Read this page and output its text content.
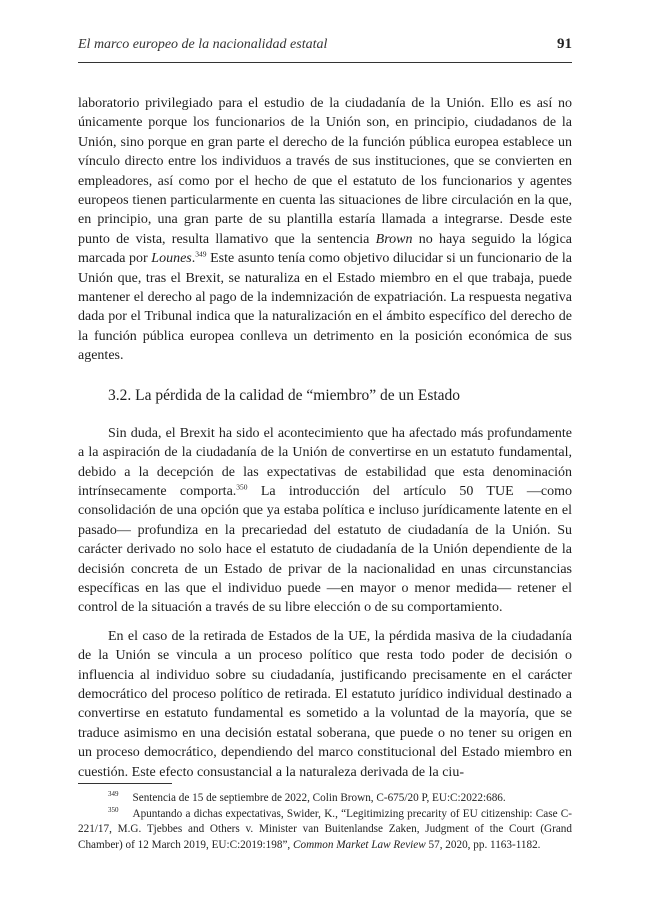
El marco europeo de la nacionalidad estatal	91

laboratorio privilegiado para el estudio de la ciudadanía de la Unión. Ello es así no únicamente porque los funcionarios de la Unión son, en principio, ciudadanos de la Unión, sino porque en gran parte el derecho de la función pública europea establece un vínculo directo entre los individuos a través de sus instituciones, que se convierten en empleadores, así como por el hecho de que el estatuto de los funcionarios y agentes europeos tienen particularmente en cuenta las situaciones de libre circulación en la que, en principio, una gran parte de su plantilla estaría llamada a integrarse. Desde este punto de vista, resulta llamativo que la sentencia Brown no haya seguido la lógica marcada por Lounes.$^{349}$ Este asunto tenía como objetivo dilucidar si un funcionario de la Unión que, tras el Brexit, se naturaliza en el Estado miembro en el que trabaja, puede mantener el derecho al pago de la indemnización de expatriación. La respuesta negativa dada por el Tribunal indica que la naturalización en el ámbito específico del derecho de la función pública europea conlleva un detrimento en la posición económica de sus agentes.

3.2. La pérdida de la calidad de “miembro” de un Estado

Sin duda, el Brexit ha sido el acontecimiento que ha afectado más profundamente a la aspiración de la ciudadanía de la Unión de convertirse en un estatuto fundamental, debido a la decepción de las expectativas de estabilidad que esta denominación intrínsecamente comporta.$^{350}$ La introducción del artículo 50 TUE —como consolidación de una opción que ya estaba política e incluso jurídicamente latente en el pasado— profundiza en la precariedad del estatuto de ciudadanía de la Unión. Su carácter derivado no solo hace el estatuto de ciudadanía de la Unión dependiente de la decisión concreta de un Estado de privar de la nacionalidad en unas circunstancias específicas en las que el individuo puede —en mayor o menor medida— retener el control de la situación a través de su libre elección o de su comportamiento.

En el caso de la retirada de Estados de la UE, la pérdida masiva de la ciudadanía de la Unión se vincula a un proceso político que resta todo poder de decisión o influencia al individuo sobre su ciudadanía, justificando precisamente en el carácter democrático del proceso político de retirada. El estatuto jurídico individual destinado a convertirse en estatuto fundamental es sometido a la voluntad de la mayoría, que se traduce asimismo en una decisión estatal soberana, que puede o no tener su origen en un proceso democrático, dependiendo del marco constitucional del Estado miembro en cuestión. Este efecto consustancial a la naturaleza derivada de la ciu-

$^{349}$ Sentencia de 15 de septiembre de 2022, Colin Brown, C-675/20 P, EU:C:2022:686.

$^{350}$ Apuntando a dichas expectativas, Swider, K., “Legitimizing precarity of EU citizenship: Case C-221/17, M.G. Tjebbes and Others v. Minister van Buitenlandse Zaken, Judgment of the Court (Grand Chamber) of 12 March 2019, EU:C:2019:198”, Common Market Law Review 57, 2020, pp. 1163-1182.
